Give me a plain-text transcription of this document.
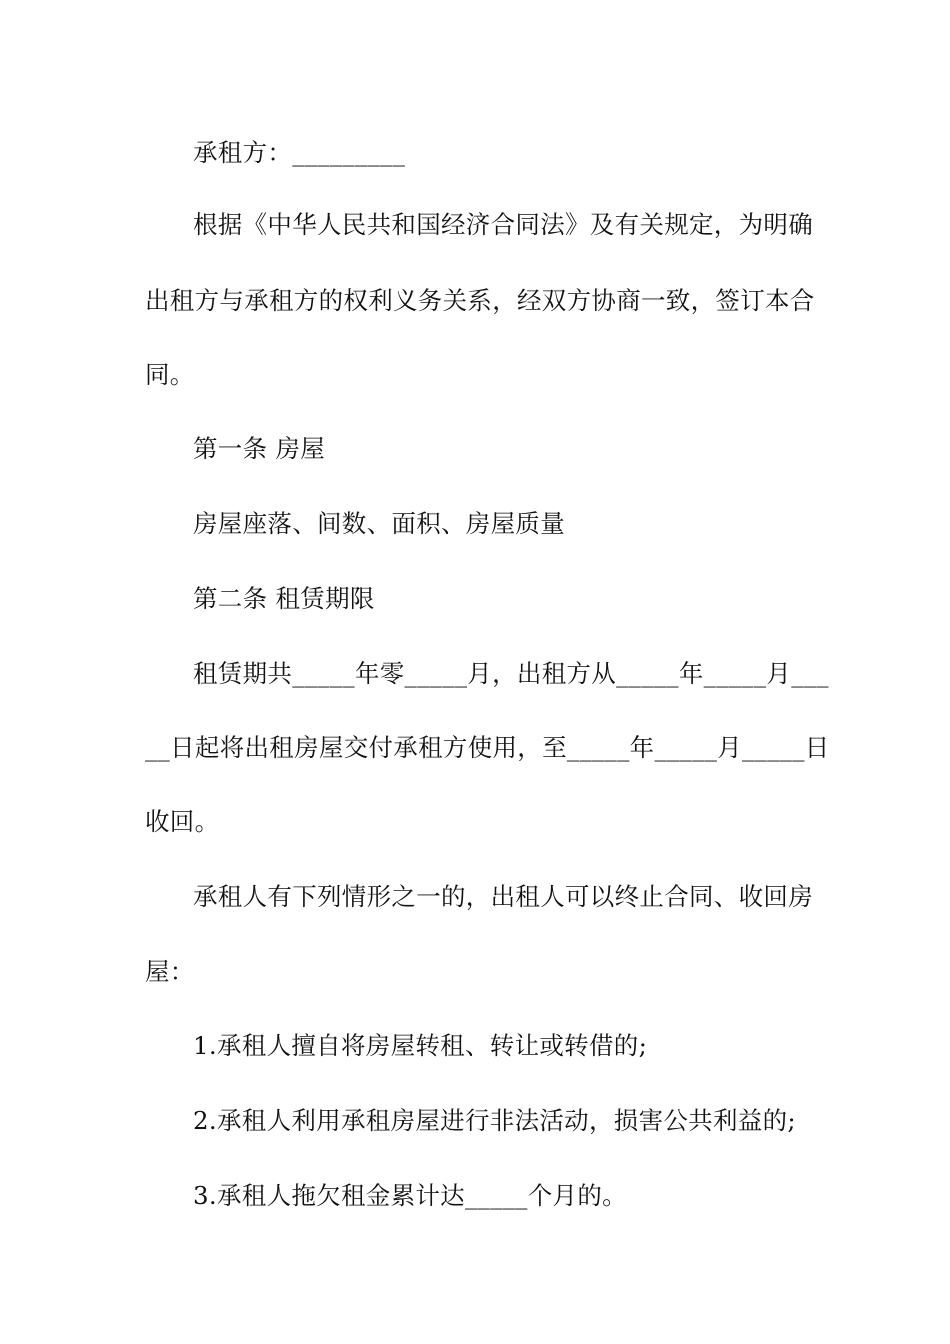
承租方：_________
根据《中华人民共和国经济合同法》及有关规定，为明确
出租方与承租方的权利义务关系，经双方协商一致，签订本合
同。
第一条 房屋
房屋座落、间数、面积、房屋质量
第二条 租赁期限
租赁期共_____年零_____月，出租方从_____年_____月___
__日起将出租房屋交付承租方使用，至_____年_____月_____日
收回。
承租人有下列情形之一的，出租人可以终止合同、收回房
屋：
1.承租人擅自将房屋转租、转让或转借的;
2.承租人利用承租房屋进行非法活动，损害公共利益的;
3.承租人拖欠租金累计达_____个月的。
